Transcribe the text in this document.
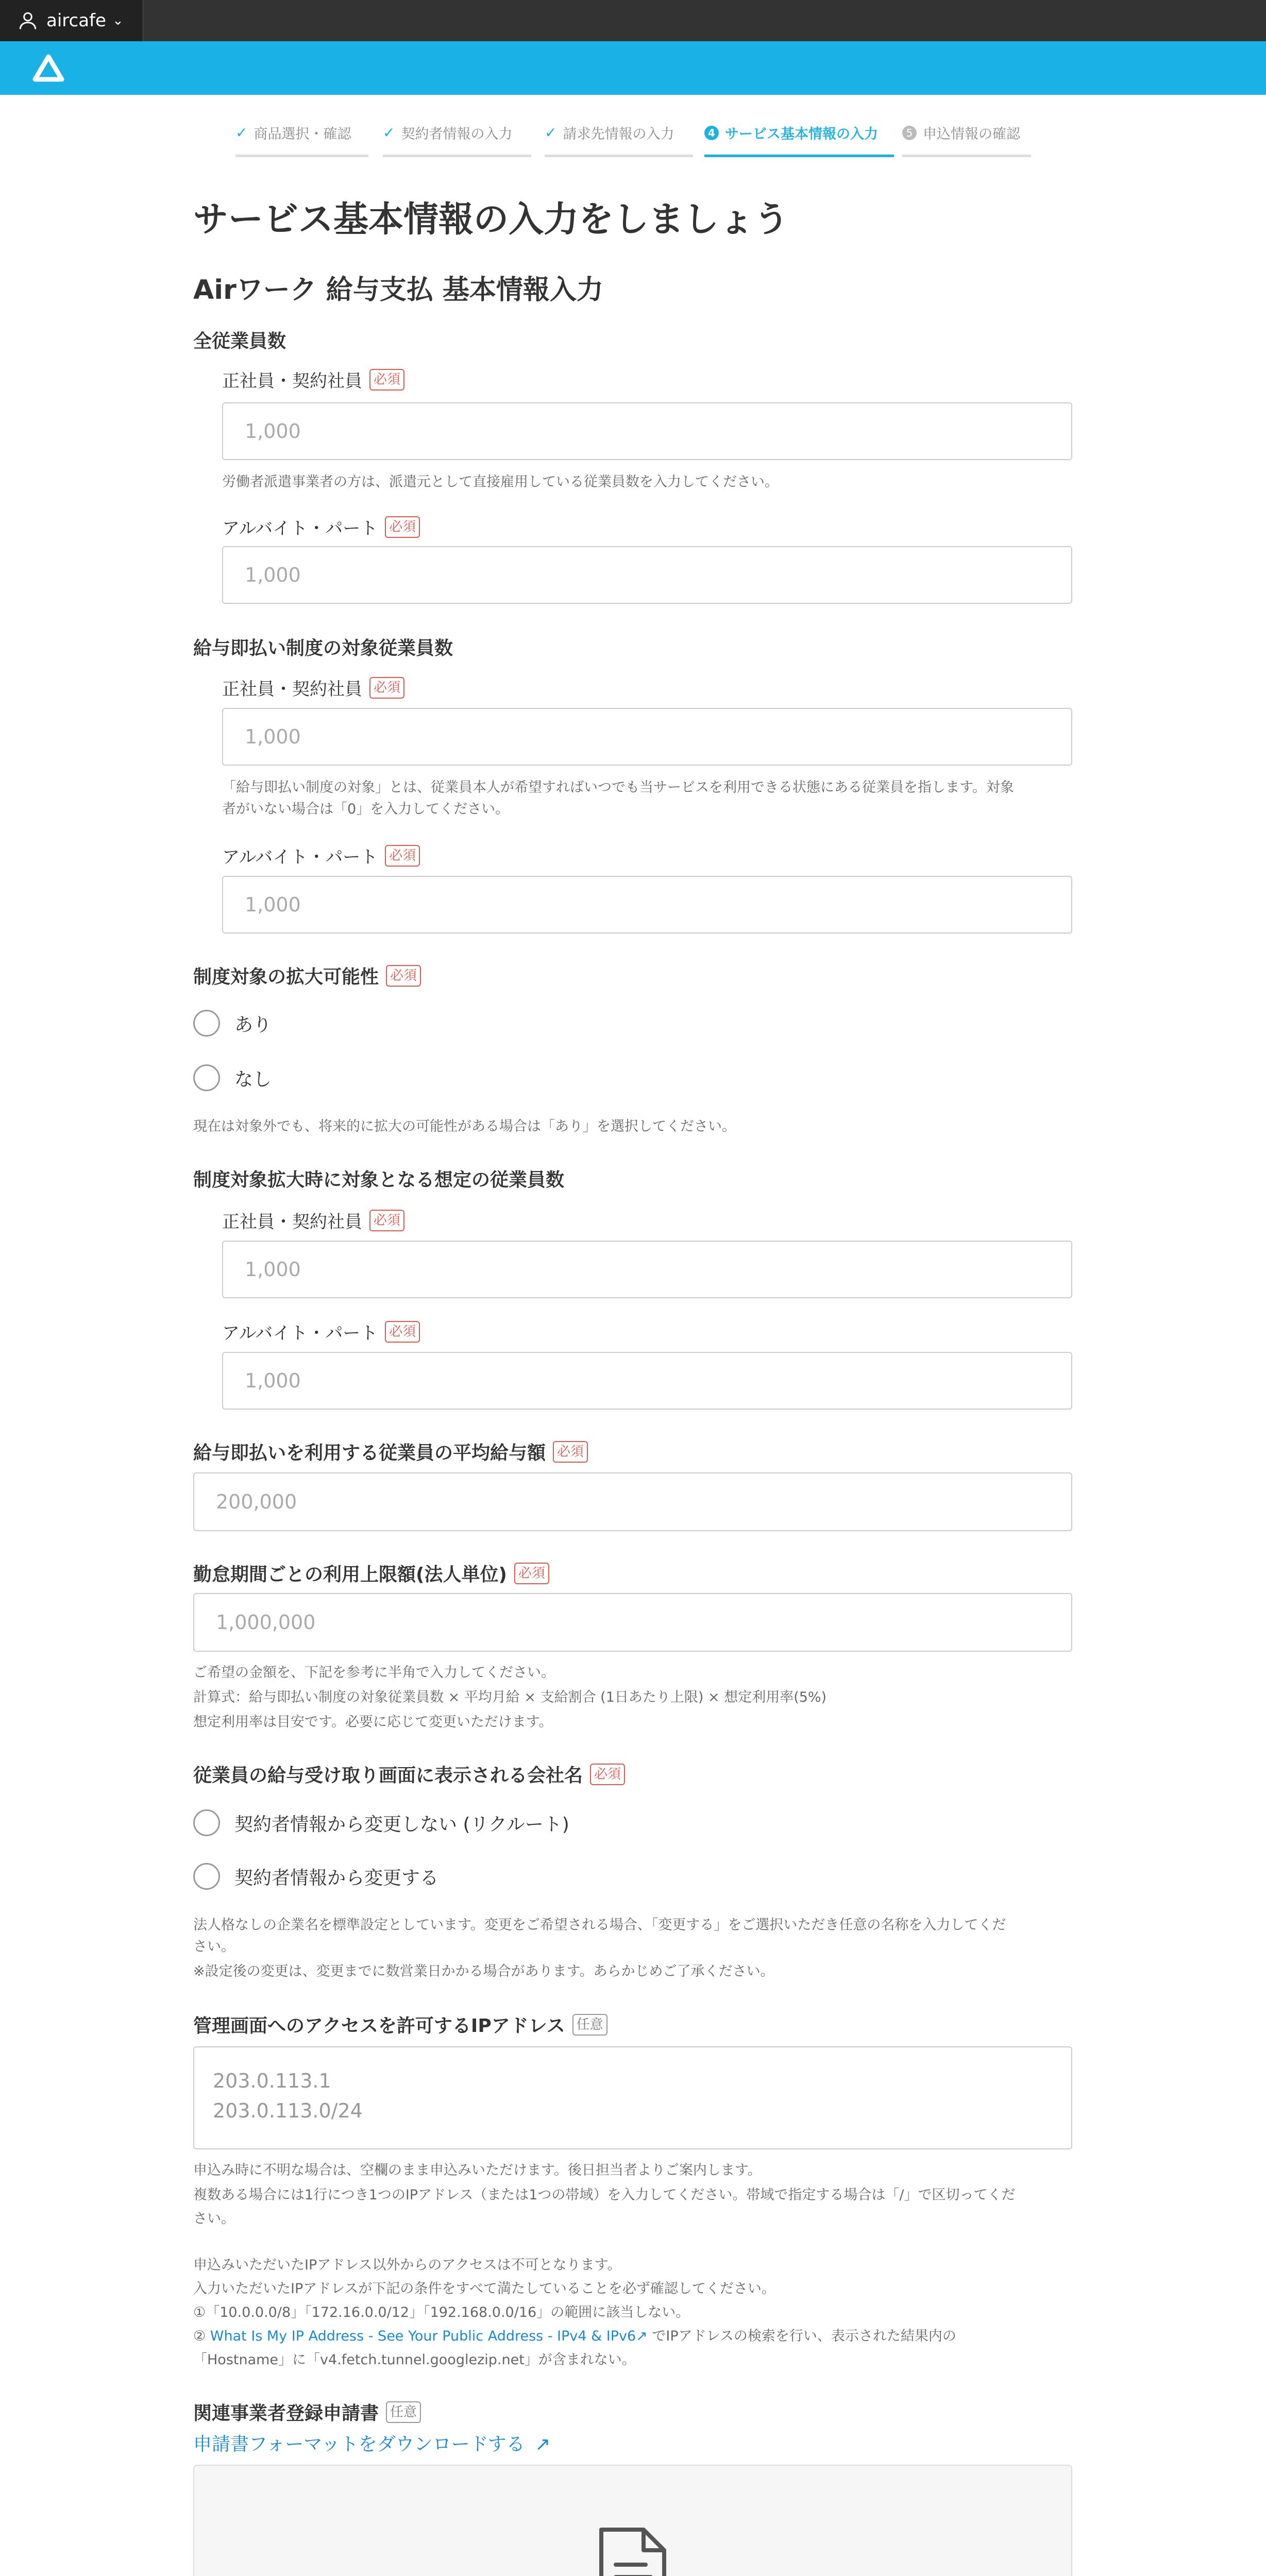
aircafe ⌄
✓ 商品選択・確認 ✓ 契約者情報の入力 ✓ 請求先情報の入力	4 サービス基本情報の入力	5 申込情報の確認
サービス基本情報の入力をしましょう
Airワーク 給与支払 基本情報入力
全従業員数
正社員・契約社員 必須
1,000
労働者派遣事業者の方は、派遣元として直接雇用している従業員数を入力してください。
アルバイト・パート 必須
1,000
給与即払い制度の対象従業員数
正社員・契約社員 必須
1,000
「給与即払い制度の対象」とは、従業員本人が希望すればいつでも当サービスを利用できる状態にある従業員を指します。対象
者がいない場合は「0」を入力してください。
アルバイト・パート 必須
1,000
制度対象の拡大可能性 必須
あり
なし
現在は対象外でも、将来的に拡大の可能性がある場合は「あり」を選択してください。
制度対象拡大時に対象となる想定の従業員数
正社員・契約社員 必須
1,000
アルバイト・パート 必須
1,000
給与即払いを利用する従業員の平均給与額 必須
200,000
勤怠期間ごとの利用上限額(法人単位) 必須
1,000,000
ご希望の金額を、下記を参考に半角で入力してください。
計算式：給与即払い制度の対象従業員数 × 平均月給 × 支給割合 (1日あたり上限) × 想定利用率(5%)
想定利用率は目安です。必要に応じて変更いただけます。
従業員の給与受け取り画面に表示される会社名 必須
契約者情報から変更しない (リクルート)
契約者情報から変更する
法人格なしの企業名を標準設定としています。変更をご希望される場合、「変更する」をご選択いただき任意の名称を入力してくだ
さい。
※設定後の変更は、変更までに数営業日かかる場合があります。あらかじめご了承ください。
管理画面へのアクセスを許可するIPアドレス 任意
203.0.113.1
203.0.113.0/24
申込み時に不明な場合は、空欄のまま申込みいただけます。後日担当者よりご案内します。
複数ある場合には1行につき1つのIPアドレス（または1つの帯域）を入力してください。帯域で指定する場合は「/」で区切ってくだ
さい。
申込みいただいたIPアドレス以外からのアクセスは不可となります。
入力いただいたIPアドレスが下記の条件をすべて満たしていることを必ず確認してください。
①「10.0.0.0/8」「172.16.0.0/12」「192.168.0.0/16」の範囲に該当しない。
② What Is My IP Address - See Your Public Address - IPv4 & IPv6↗ でIPアドレスの検索を行い、表示された結果内の
「Hostname」に「v4.fetch.tunnel.googlezip.net」が含まれない。
関連事業者登録申請書 任意
申請書フォーマットをダウンロードする ↗
